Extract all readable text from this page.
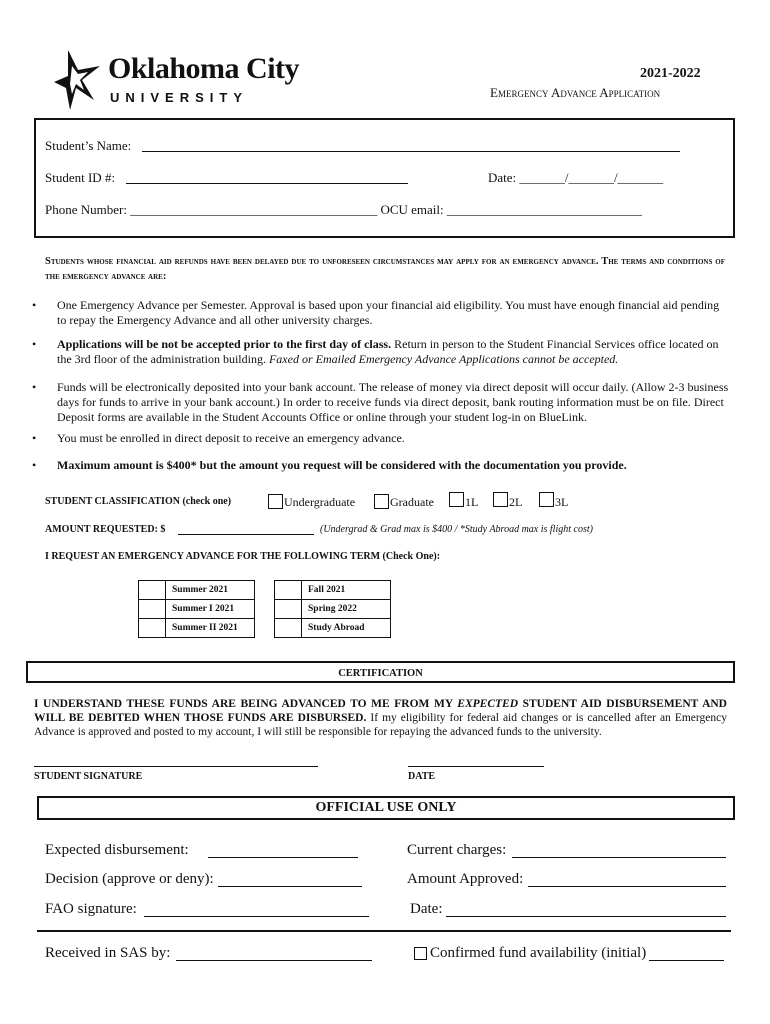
Oklahoma City
UNIVERSITY
2021-2022
Emergency Advance Application
Student’s Name:
Student ID #:	Date: _______/_______/_______
Phone Number: ______________________________________ OCU email: ______________________________
Students whose financial aid refunds have been delayed due to unforeseen circumstances may apply for an emergency advance. The terms and conditions of the emergency advance are:
• One Emergency Advance per Semester. Approval is based upon your financial aid eligibility. You must have enough financial aid pending to repay the Emergency Advance and all other university charges.
• Applications will be not be accepted prior to the first day of class. Return in person to the Student Financial Services office located on the 3rd floor of the administration building. Faxed or Emailed Emergency Advance Applications cannot be accepted.
• Funds will be electronically deposited into your bank account. The release of money via direct deposit will occur daily. (Allow 2-3 business days for funds to arrive in your bank account.) In order to receive funds via direct deposit, bank routing information must be on file. Direct Deposit forms are available in the Student Accounts Office or online through your student log-in on BlueLink.
• You must be enrolled in direct deposit to receive an emergency advance.
• Maximum amount is $400* but the amount you request will be considered with the documentation you provide.
STUDENT CLASSIFICATION (check one)	Undergraduate	Graduate	1L	2L	3L
AMOUNT REQUESTED: $	(Undergrad & Grad max is $400 / *Study Abroad max is flight cost)
I REQUEST AN EMERGENCY ADVANCE FOR THE FOLLOWING TERM (Check One):
	Summer 2021
	Summer I 2021
	Summer II 2021
	Fall 2021
	Spring 2022
	Study Abroad
CERTIFICATION
I UNDERSTAND THESE FUNDS ARE BEING ADVANCED TO ME FROM MY EXPECTED STUDENT AID DISBURSEMENT AND WILL BE DEBITED WHEN THOSE FUNDS ARE DISBURSED. If my eligibility for federal aid changes or is cancelled after an Emergency Advance is approved and posted to my account, I will still be responsible for repaying the advanced funds to the university.
STUDENT SIGNATURE	DATE
OFFICIAL USE ONLY
Expected disbursement:	Current charges:
Decision (approve or deny):	Amount Approved:
FAO signature:	Date:
Received in SAS by:	Confirmed fund availability (initial)
